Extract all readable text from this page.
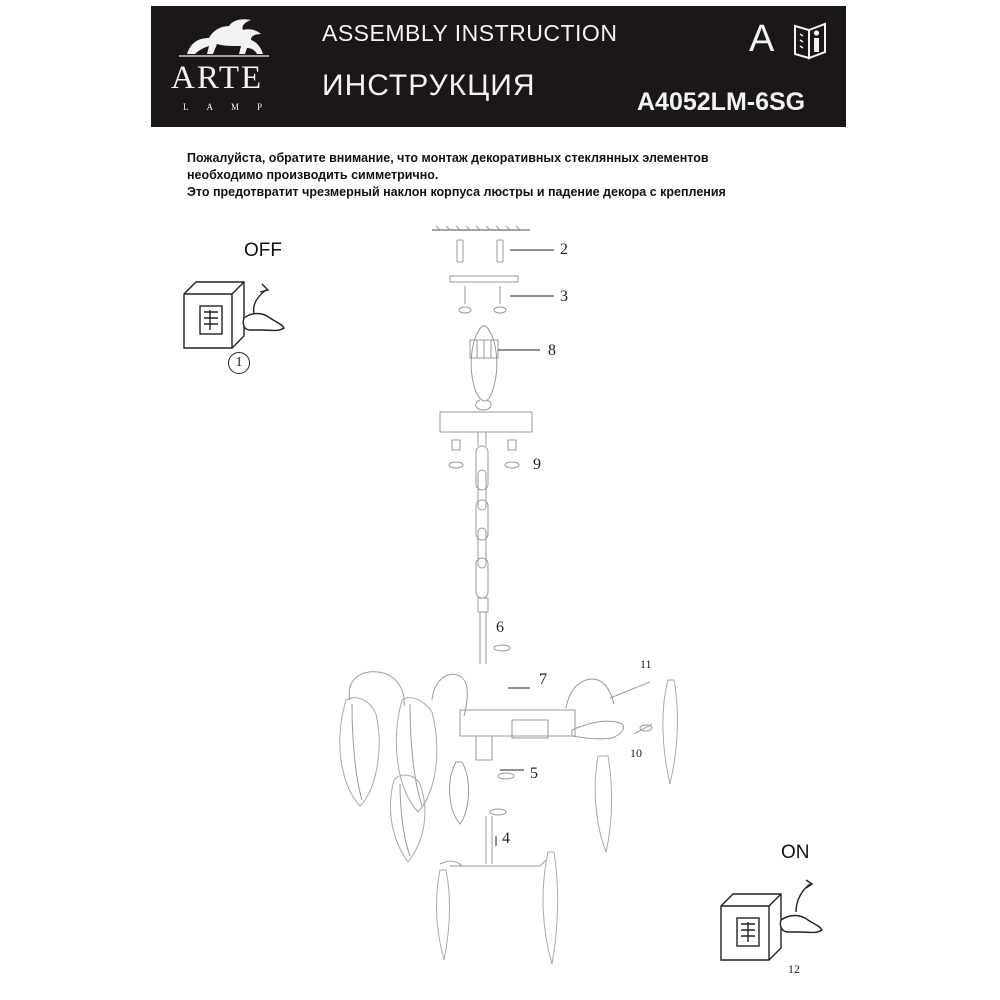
ARTE
LAMP
ASSEMBLY INSTRUCTION
ИНСТРУКЦИЯ
A
A4052LM-6SG
Пожалуйста, обратите внимание, что монтаж декоративных стеклянных элементов
необходимо производить симметрично.
Это предотвратит чрезмерный наклон корпуса люстры и падение декора с крепления
OFF
1
ON
12
2
3
8
9
6
7
11
10
5
4
